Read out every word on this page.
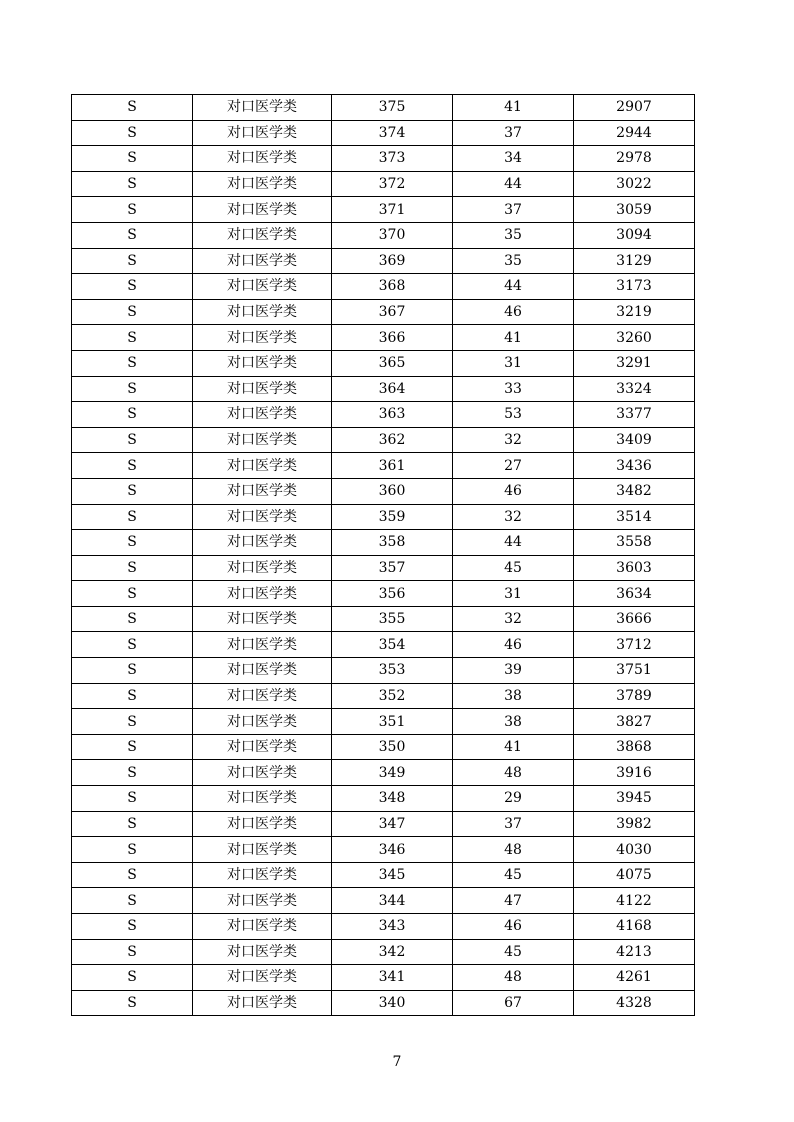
S	对口医学类	375	41	2907
S	对口医学类	374	37	2944
S	对口医学类	373	34	2978
S	对口医学类	372	44	3022
S	对口医学类	371	37	3059
S	对口医学类	370	35	3094
S	对口医学类	369	35	3129
S	对口医学类	368	44	3173
S	对口医学类	367	46	3219
S	对口医学类	366	41	3260
S	对口医学类	365	31	3291
S	对口医学类	364	33	3324
S	对口医学类	363	53	3377
S	对口医学类	362	32	3409
S	对口医学类	361	27	3436
S	对口医学类	360	46	3482
S	对口医学类	359	32	3514
S	对口医学类	358	44	3558
S	对口医学类	357	45	3603
S	对口医学类	356	31	3634
S	对口医学类	355	32	3666
S	对口医学类	354	46	3712
S	对口医学类	353	39	3751
S	对口医学类	352	38	3789
S	对口医学类	351	38	3827
S	对口医学类	350	41	3868
S	对口医学类	349	48	3916
S	对口医学类	348	29	3945
S	对口医学类	347	37	3982
S	对口医学类	346	48	4030
S	对口医学类	345	45	4075
S	对口医学类	344	47	4122
S	对口医学类	343	46	4168
S	对口医学类	342	45	4213
S	对口医学类	341	48	4261
S	对口医学类	340	67	4328
7
